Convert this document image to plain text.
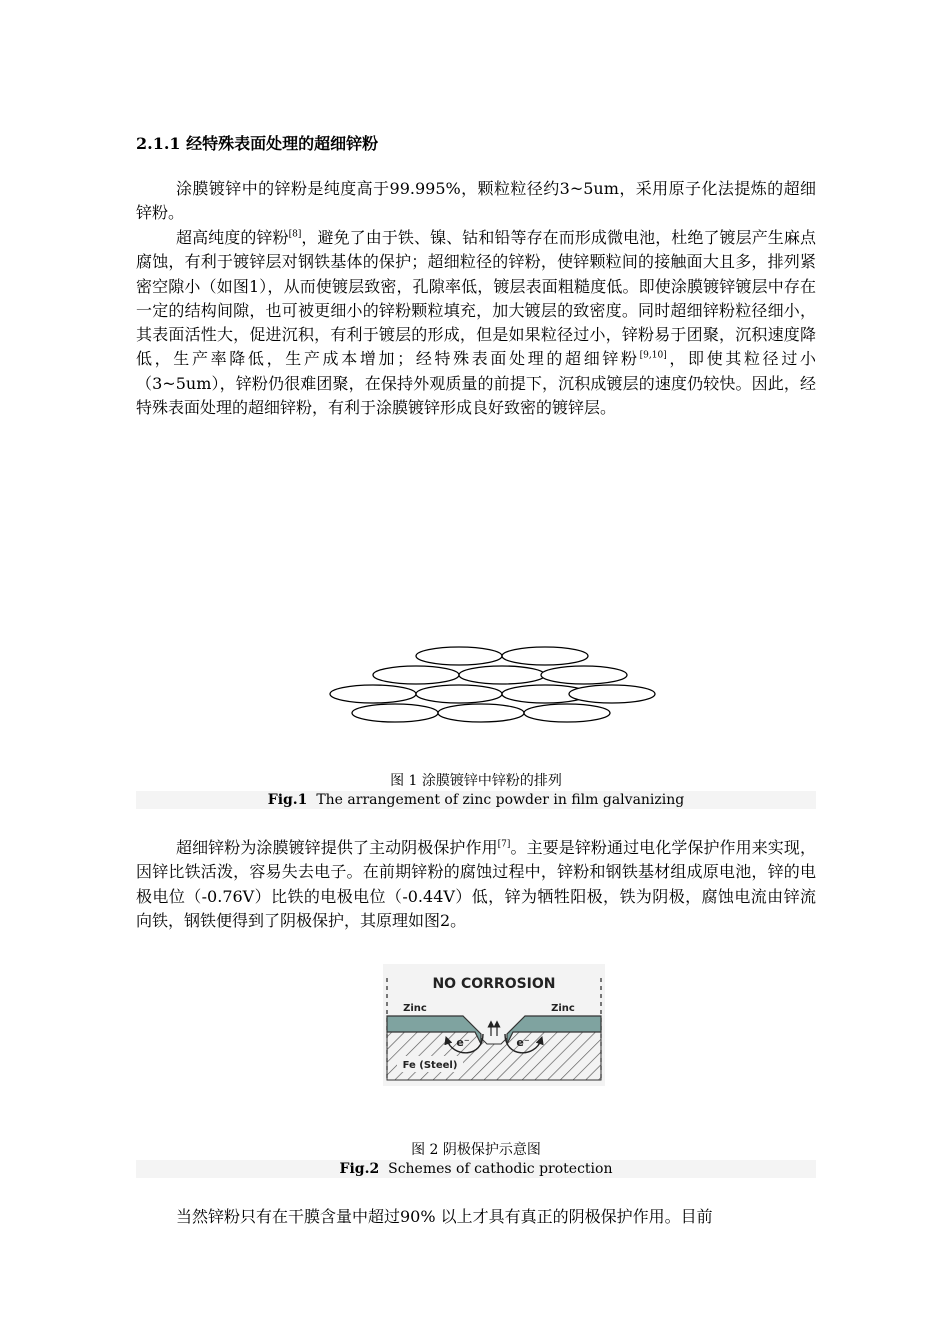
2.1.1 经特殊表面处理的超细锌粉

涂膜镀锌中的锌粉是纯度高于99.995%，颗粒粒径约3~5um，采用原子化法提炼的超细锌粉。

超高纯度的锌粉[8]，避免了由于铁、镍、钴和铅等存在而形成微电池，杜绝了镀层产生麻点腐蚀，有利于镀锌层对钢铁基体的保护；超细粒径的锌粉，使锌颗粒间的接触面大且多，排列紧密空隙小（如图1），从而使镀层致密，孔隙率低，镀层表面粗糙度低。即使涂膜镀锌镀层中存在一定的结构间隙，也可被更细小的锌粉颗粒填充，加大镀层的致密度。同时超细锌粉粒径细小，其表面活性大，促进沉积，有利于镀层的形成，但是如果粒径过小，锌粉易于团聚，沉积速度降低，生产率降低，生产成本增加；经特殊表面处理的超细锌粉[9,10]，即使其粒径过小（3~5um），锌粉仍很难团聚，在保持外观质量的前提下，沉积成镀层的速度仍较快。因此，经特殊表面处理的超细锌粉，有利于涂膜镀锌形成良好致密的镀锌层。

图 1 涂膜镀锌中锌粉的排列
Fig.1  The arrangement of zinc powder in film galvanizing

超细锌粉为涂膜镀锌提供了主动阴极保护作用[7]。主要是锌粉通过电化学保护作用来实现，因锌比铁活泼，容易失去电子。在前期锌粉的腐蚀过程中，锌粉和钢铁基材组成原电池，锌的电极电位（-0.76V）比铁的电极电位（-0.44V）低，锌为牺牲阳极，铁为阴极，腐蚀电流由锌流向铁，钢铁便得到了阴极保护，其原理如图2。

NO CORROSION
Zinc	Zinc
e⁻	e⁻
Fe (Steel)
图 2 阴极保护示意图
Fig.2  Schemes of cathodic protection

当然锌粉只有在干膜含量中超过90% 以上才具有真正的阴极保护作用。目前
